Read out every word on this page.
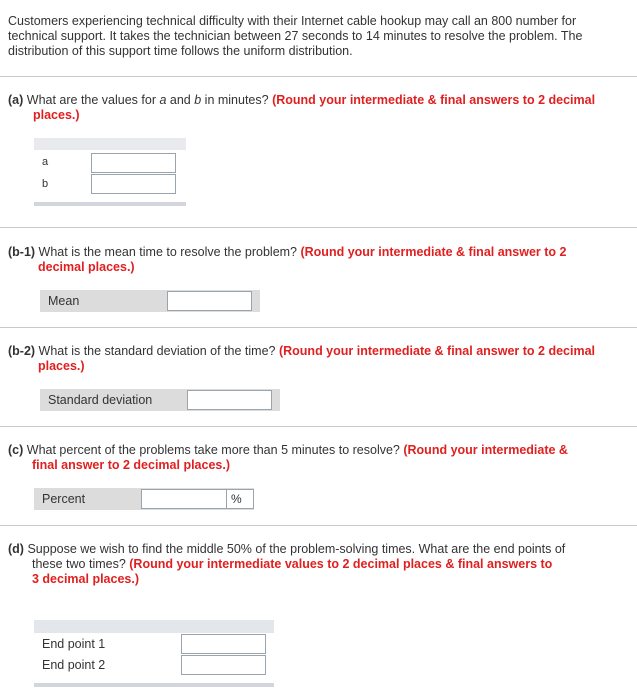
Customers experiencing technical difficulty with their Internet cable hookup may call an 800 number for technical support. It takes the technician between 27 seconds to 14 minutes to resolve the problem. The distribution of this support time follows the uniform distribution.
(a) What are the values for a and b in minutes? (Round your intermediate & final answers to 2 decimal
places.)
a
b
(b-1) What is the mean time to resolve the problem? (Round your intermediate & final answer to 2
decimal places.)
Mean
(b-2) What is the standard deviation of the time? (Round your intermediate & final answer to 2 decimal
places.)
Standard deviation
(c) What percent of the problems take more than 5 minutes to resolve? (Round your intermediate &
final answer to 2 decimal places.)
Percent	%
(d) Suppose we wish to find the middle 50% of the problem-solving times. What are the end points of
these two times? (Round your intermediate values to 2 decimal places & final answers to
3 decimal places.)
End point 1
End point 2
